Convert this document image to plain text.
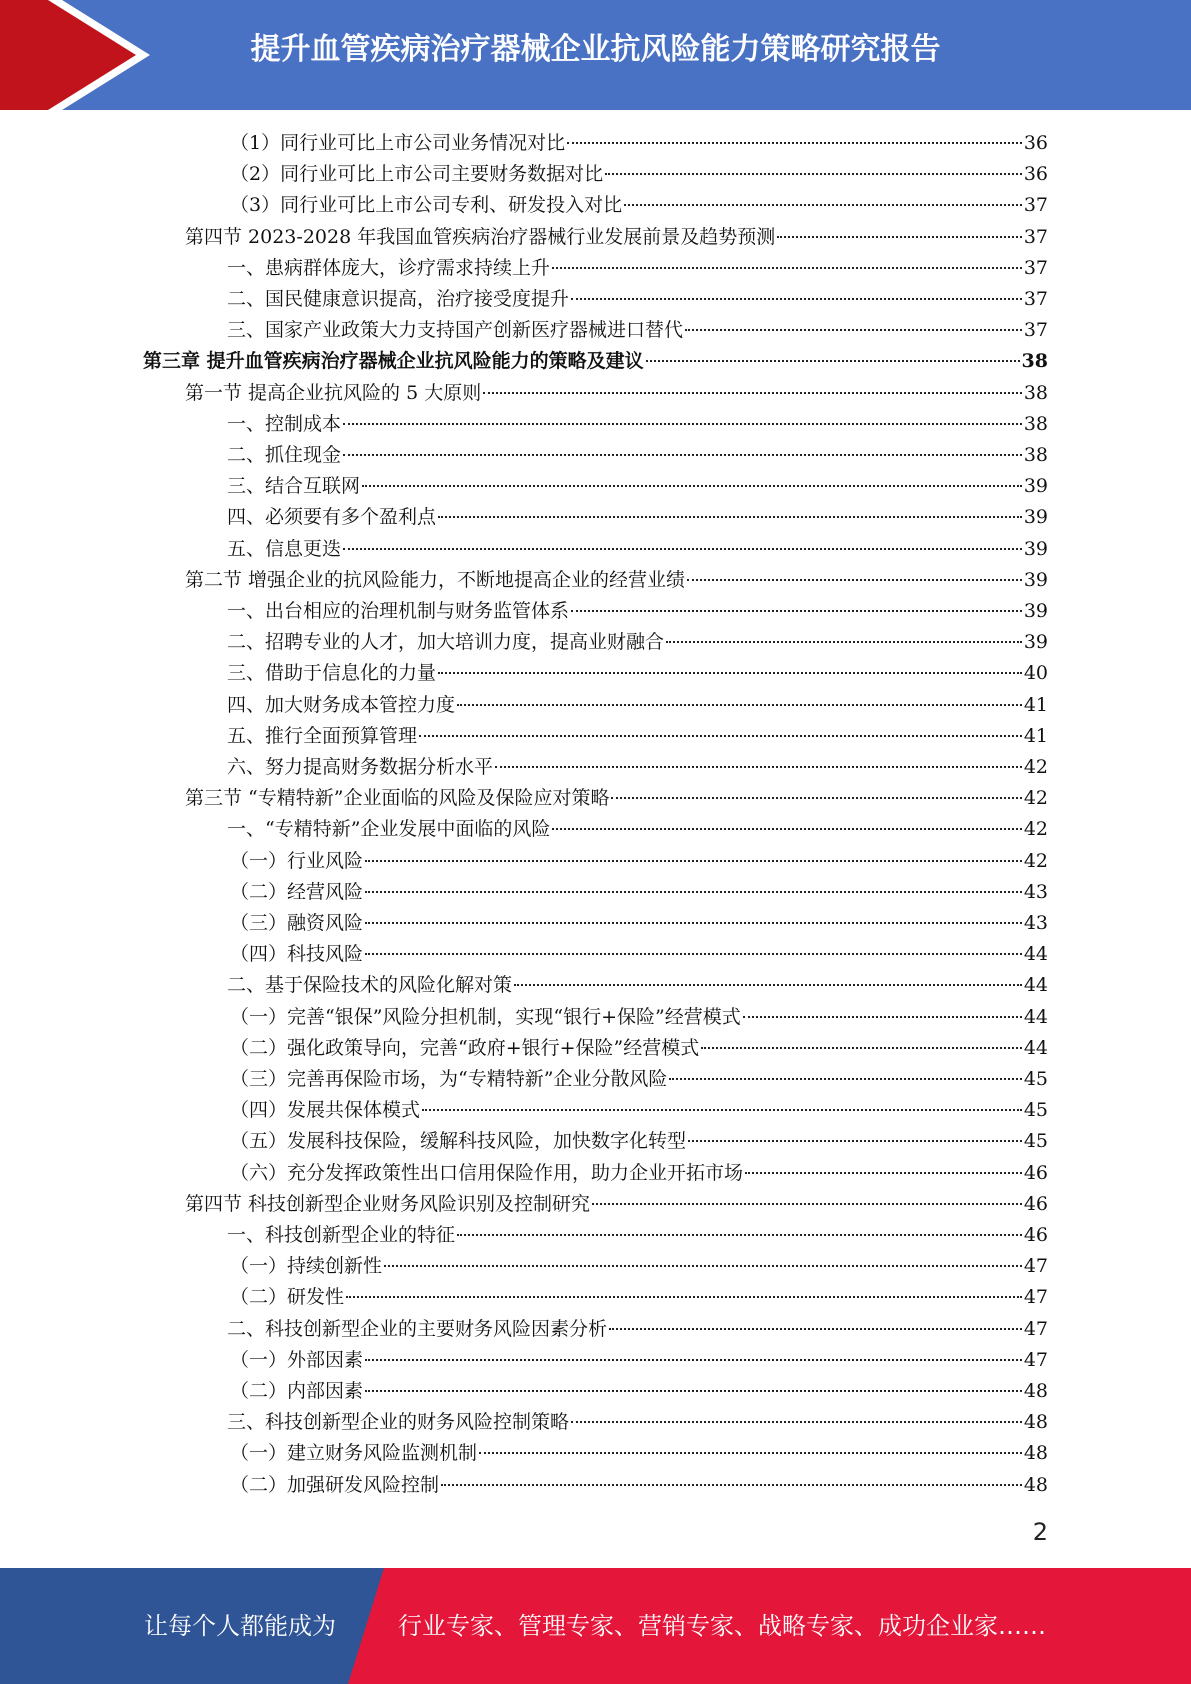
提升血管疾病治疗器械企业抗风险能力策略研究报告
（1）同行业可比上市公司业务情况对比	36
（2）同行业可比上市公司主要财务数据对比	36
（3）同行业可比上市公司专利、研发投入对比	37
第四节 2023-2028 年我国血管疾病治疗器械行业发展前景及趋势预测	37
一、患病群体庞大，诊疗需求持续上升	37
二、国民健康意识提高，治疗接受度提升	37
三、国家产业政策大力支持国产创新医疗器械进口替代	37
第三章 提升血管疾病治疗器械企业抗风险能力的策略及建议	38
第一节 提高企业抗风险的 5 大原则	38
一、控制成本	38
二、抓住现金	38
三、结合互联网	39
四、必须要有多个盈利点	39
五、信息更迭	39
第二节 增强企业的抗风险能力，不断地提高企业的经营业绩	39
一、出台相应的治理机制与财务监管体系	39
二、招聘专业的人才，加大培训力度，提高业财融合	39
三、借助于信息化的力量	40
四、加大财务成本管控力度	41
五、推行全面预算管理	41
六、努力提高财务数据分析水平	42
第三节 “专精特新”企业面临的风险及保险应对策略	42
一、“专精特新”企业发展中面临的风险	42
（一）行业风险	42
（二）经营风险	43
（三）融资风险	43
（四）科技风险	44
二、基于保险技术的风险化解对策	44
（一）完善“银保”风险分担机制，实现“银行+保险”经营模式	44
（二）强化政策导向，完善“政府+银行+保险”经营模式	44
（三）完善再保险市场，为“专精特新”企业分散风险	45
（四）发展共保体模式	45
（五）发展科技保险，缓解科技风险，加快数字化转型	45
（六）充分发挥政策性出口信用保险作用，助力企业开拓市场	46
第四节 科技创新型企业财务风险识别及控制研究	46
一、科技创新型企业的特征	46
（一）持续创新性	47
（二）研发性	47
二、科技创新型企业的主要财务风险因素分析	47
（一）外部因素	47
（二）内部因素	48
三、科技创新型企业的财务风险控制策略	48
（一）建立财务风险监测机制	48
（二）加强研发风险控制	48
2
让每个人都能成为	行业专家、管理专家、营销专家、战略专家、成功企业家……
